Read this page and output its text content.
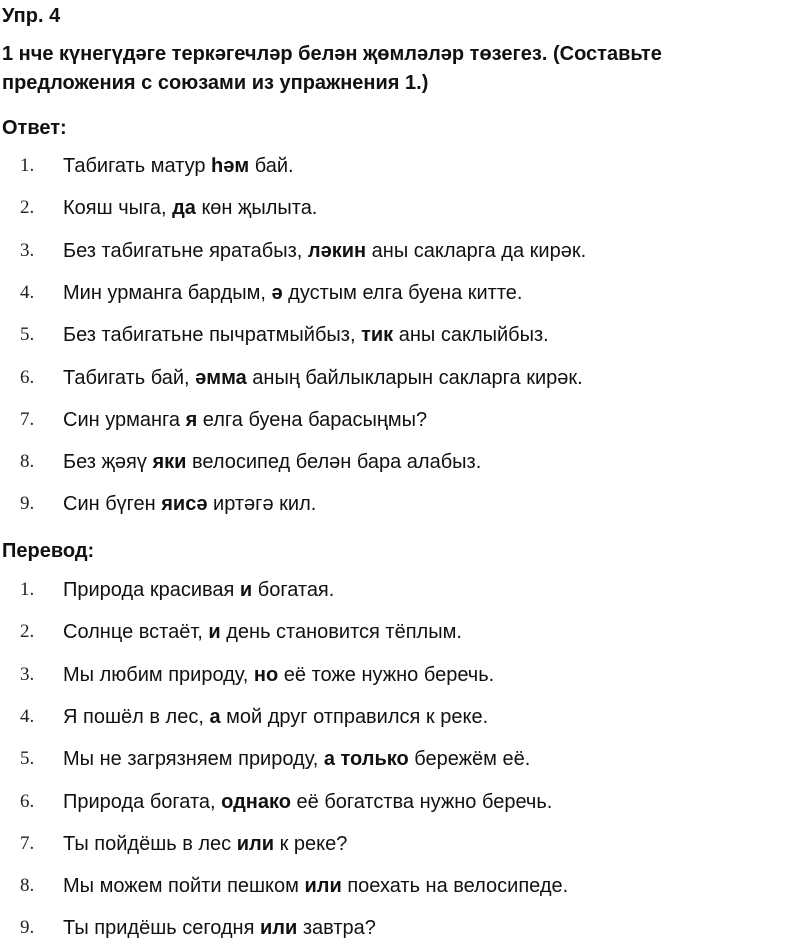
Упр. 4
1 нче күнегүдәге теркәгечләр белән җөмләләр төзегез. (Составьте предложения с союзами из упражнения 1.)
Ответ:
1.	Табигать матур һәм бай.
2.	Кояш чыга, да көн җылыта.
3.	Без табигатьне яратабыз, ләкин аны сакларга да кирәк.
4.	Мин урманга бардым, ә дустым елга буена китте.
5.	Без табигатьне пычратмыйбыз, тик аны саклыйбыз.
6.	Табигать бай, әмма аның байлыкларын сакларга кирәк.
7.	Син урманга я елга буена барасыңмы?
8.	Без җәяү яки велосипед белән бара алабыз.
9.	Син бүген яисә иртәгә кил.
Перевод:
1.	Природа красивая и богатая.
2.	Солнце встаёт, и день становится тёплым.
3.	Мы любим природу, но её тоже нужно беречь.
4.	Я пошёл в лес, а мой друг отправился к реке.
5.	Мы не загрязняем природу, а только бережём её.
6.	Природа богата, однако её богатства нужно беречь.
7.	Ты пойдёшь в лес или к реке?
8.	Мы можем пойти пешком или поехать на велосипеде.
9.	Ты придёшь сегодня или завтра?
